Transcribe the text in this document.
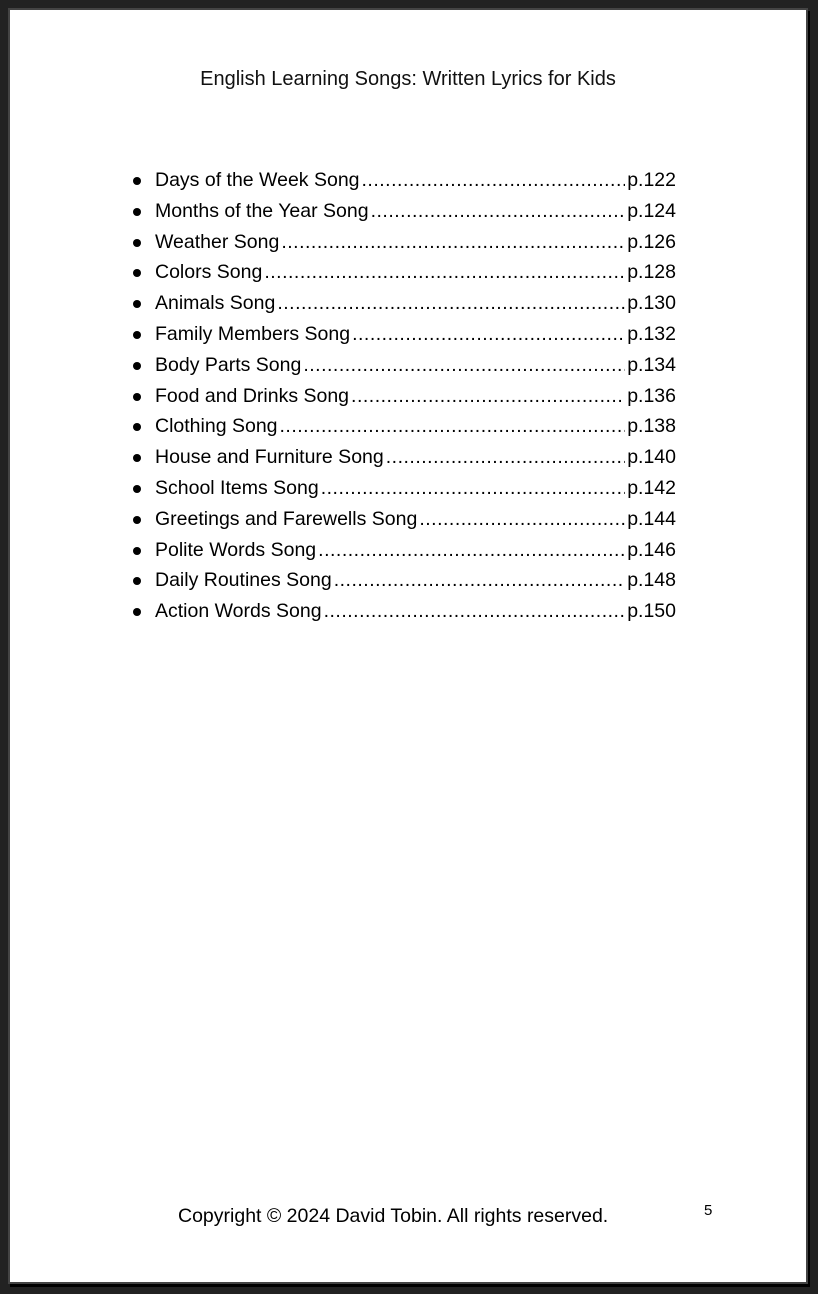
English Learning Songs: Written Lyrics for Kids
Days of the Week Song .....	p.122
Months of the Year Song .....	p.124
Weather Song .....	p.126
Colors Song .....	p.128
Animals Song .....	p.130
Family Members Song .....	p.132
Body Parts Song .....	p.134
Food and Drinks Song .....	p.136
Clothing Song .....	p.138
House and Furniture Song .....	p.140
School Items Song .....	p.142
Greetings and Farewells Song .....	p.144
Polite Words Song .....	p.146
Daily Routines Song .....	p.148
Action Words Song .....	p.150
Copyright © 2024 David Tobin. All rights reserved.	5
